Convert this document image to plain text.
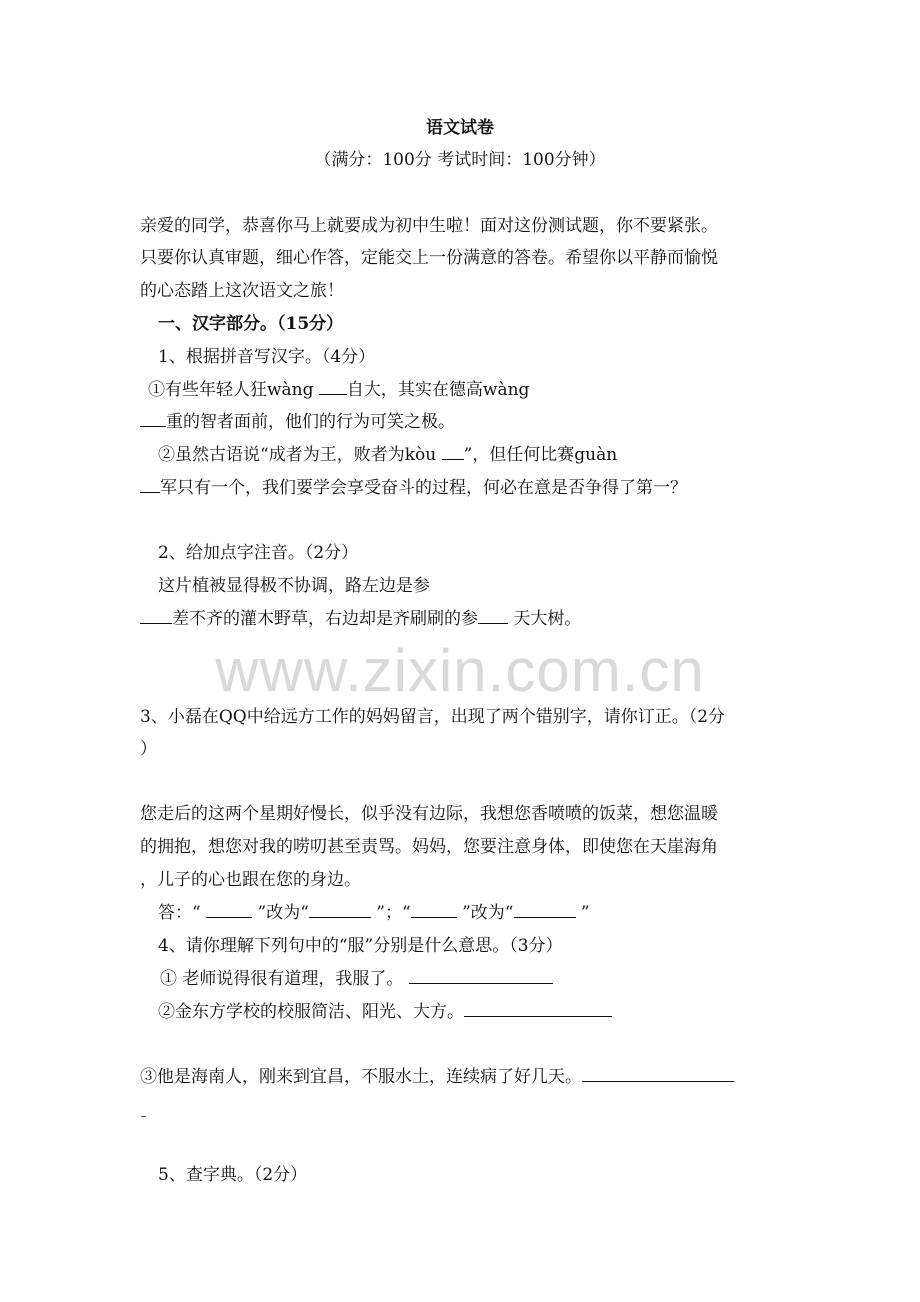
www.zixin.com.cn
语文试卷
（满分：100分 考试时间：100分钟）
亲爱的同学，恭喜你马上就要成为初中生啦！面对这份测试题，你不要紧张。
只要你认真审题，细心作答，定能交上一份满意的答卷。希望你以平静而愉悦
的心态踏上这次语文之旅！
一、汉字部分。（15分）
1、根据拼音写汉字。（4分）
①有些年轻人狂wàng 自大，其实在德高wàng
重的智者面前，他们的行为可笑之极。
②虽然古语说“成者为王，败者为kòu ”，但任何比赛guàn
军只有一个，我们要学会享受奋斗的过程，何必在意是否争得了第一？
2、给加点字注音。（2分）
这片植被显得极不协调，路左边是参
差不齐的灌木野草，右边却是齐刷刷的参 天大树。
3、小磊在QQ中给远方工作的妈妈留言，出现了两个错别字，请你订正。（2分
）
您走后的这两个星期好慢长，似乎没有边际，我想您香喷喷的饭菜，想您温暖
的拥抱，想您对我的唠叨甚至责骂。妈妈，您要注意身体，即使您在天崖海角
，儿子的心也跟在您的身边。
答：“	”改为“	”；“	”改为“	”
4、请你理解下列句中的“服”分别是什么意思。（3分）
① 老师说得很有道理，我服了。
②金东方学校的校服简洁、阳光、大方。
③他是海南人，刚来到宜昌，不服水土，连续病了好几天。
5、查字典。（2分）
